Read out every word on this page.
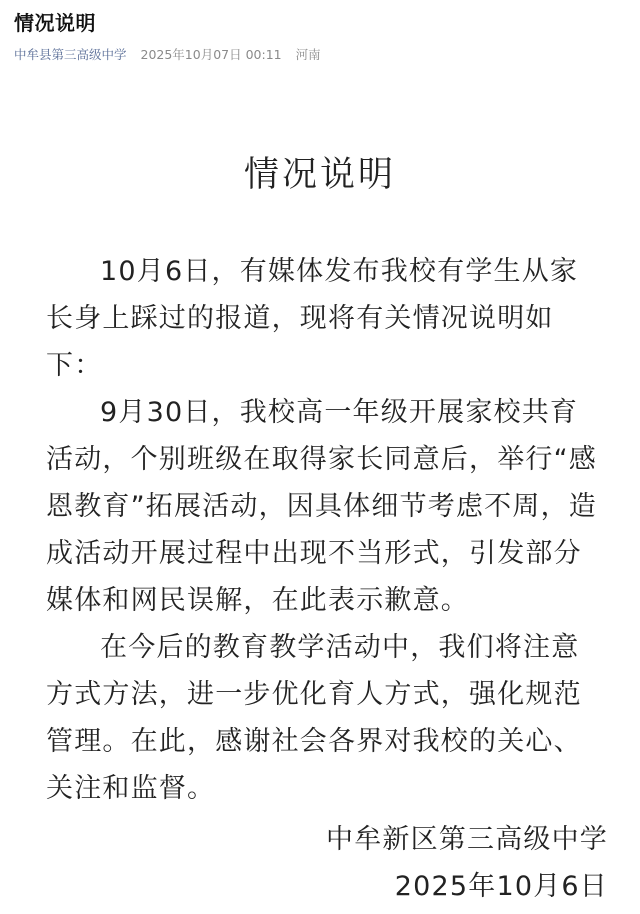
情况说明
中牟县第三高级中学 2025年10月07日 00:11 河南
情况说明

10月6日，有媒体发布我校有学生从家长身上踩过的报道，现将有关情况说明如下：

9月30日，我校高一年级开展家校共育活动，个别班级在取得家长同意后，举行“感恩教育”拓展活动，因具体细节考虑不周，造成活动开展过程中出现不当形式，引发部分媒体和网民误解，在此表示歉意。

在今后的教育教学活动中，我们将注意方式方法，进一步优化育人方式，强化规范管理。在此，感谢社会各界对我校的关心、关注和监督。

中牟新区第三高级中学
2025年10月6日
